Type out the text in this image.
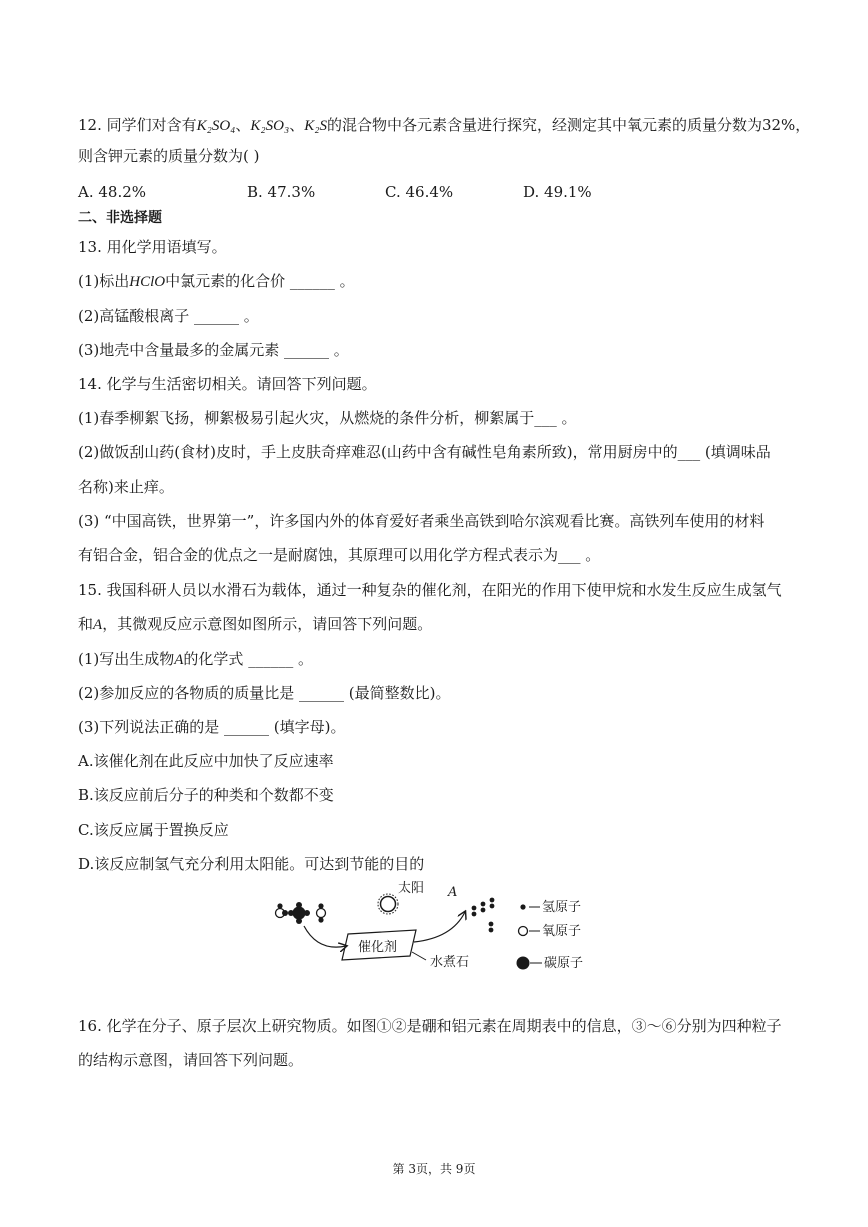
12. 同学们对含有K₂SO₄、K₂SO₃、K₂S的混合物中各元素含量进行探究，经测定其中氧元素的质量分数为32%，
则含钾元素的质量分数为( )
A. 48.2%	B. 47.3%	C. 46.4%	D. 49.1%
二、非选择题
13. 用化学用语填写。
(1)标出HClO中氯元素的化合价 ______ 。
(2)高锰酸根离子 ______ 。
(3)地壳中含量最多的金属元素 ______ 。
14. 化学与生活密切相关。请回答下列问题。
(1)春季柳絮飞扬，柳絮极易引起火灾，从燃烧的条件分析，柳絮属于___ 。
(2)做饭刮山药(食材)皮时，手上皮肤奇痒难忍(山药中含有碱性皂角素所致)，常用厨房中的___ (填调味品
名称)来止痒。
(3) “中国高铁，世界第一”，许多国内外的体育爱好者乘坐高铁到哈尔滨观看比赛。高铁列车使用的材料
有铝合金，铝合金的优点之一是耐腐蚀，其原理可以用化学方程式表示为___ 。
15. 我国科研人员以水滑石为载体，通过一种复杂的催化剂，在阳光的作用下使甲烷和水发生反应生成氢气
和A，其微观反应示意图如图所示，请回答下列问题。
(1)写出生成物A的化学式 ______ 。
(2)参加反应的各物质的质量比是 ______ (最简整数比)。
(3)下列说法正确的是 ______ (填字母)。
A.该催化剂在此反应中加快了反应速率
B.该反应前后分子的种类和个数都不变
C.该反应属于置换反应
D.该反应制氢气充分利用太阳能。可达到节能的目的
太阳
催化剂
水煮石
A
氢原子
氧原子
碳原子
16. 化学在分子、原子层次上研究物质。如图①②是硼和铝元素在周期表中的信息，③～⑥分别为四种粒子
的结构示意图，请回答下列问题。
第 3页，共 9页
